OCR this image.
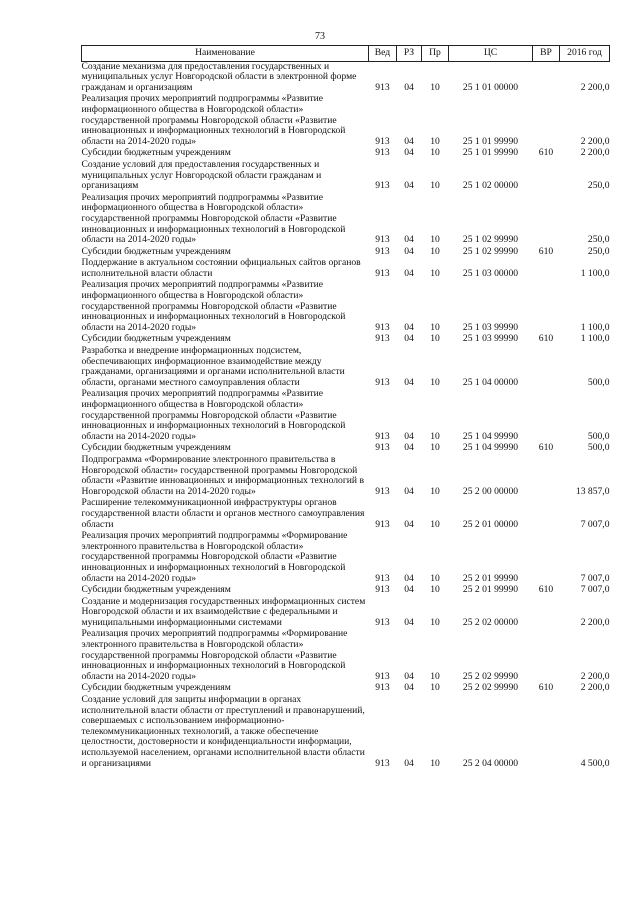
73
Наименование	Вед	РЗ	Пр	ЦС	ВР	2016 год
Создание механизма для предоставления государственных и муниципальных услуг Новгородской области в электронной форме гражданам и организациям	913	04	10	25 1 01 00000		2 200,0
Реализация прочих мероприятий подпрограммы «Развитие информационного общества в Новгородской области» государственной программы Новгородской области «Развитие инновационных и информационных технологий в Новгородской области на 2014-2020 годы»	913	04	10	25 1 01 99990		2 200,0
Субсидии бюджетным учреждениям	913	04	10	25 1 01 99990	610	2 200,0
Создание условий для предоставления государственных и муниципальных услуг Новгородской области гражданам и организациям	913	04	10	25 1 02 00000		250,0
Реализация прочих мероприятий подпрограммы «Развитие информационного общества в Новгородской области» государственной программы Новгородской области «Развитие инновационных и информационных технологий в Новгородской области на 2014-2020 годы»	913	04	10	25 1 02 99990		250,0
Субсидии бюджетным учреждениям	913	04	10	25 1 02 99990	610	250,0
Поддержание в актуальном состоянии официальных сайтов органов исполнительной власти области	913	04	10	25 1 03 00000		1 100,0
Реализация прочих мероприятий подпрограммы «Развитие информационного общества в Новгородской области» государственной программы Новгородской области «Развитие инновационных и информационных технологий в Новгородской области на 2014-2020 годы»	913	04	10	25 1 03 99990		1 100,0
Субсидии бюджетным учреждениям	913	04	10	25 1 03 99990	610	1 100,0
Разработка и внедрение информационных подсистем, обеспечивающих информационное взаимодействие между гражданами, организациями и органами исполнительной власти области, органами местного самоуправления области	913	04	10	25 1 04 00000		500,0
Реализация прочих мероприятий подпрограммы «Развитие информационного общества в Новгородской области» государственной программы Новгородской области «Развитие инновационных и информационных технологий в Новгородской области на 2014-2020 годы»	913	04	10	25 1 04 99990		500,0
Субсидии бюджетным учреждениям	913	04	10	25 1 04 99990	610	500,0
Подпрограмма «Формирование электронного правительства в Новгородской области» государственной программы Новгородской области «Развитие инновационных и информационных технологий в Новгородской области на 2014-2020 годы»	913	04	10	25 2 00 00000		13 857,0
Расширение телекоммуникационной инфраструктуры органов государственной власти области и органов местного самоуправления области	913	04	10	25 2 01 00000		7 007,0
Реализация прочих мероприятий подпрограммы «Формирование электронного правительства в Новгородской области» государственной программы Новгородской области «Развитие инновационных и информационных технологий в Новгородской области на 2014-2020 годы»	913	04	10	25 2 01 99990		7 007,0
Субсидии бюджетным учреждениям	913	04	10	25 2 01 99990	610	7 007,0
Создание и модернизация государственных информационных систем Новгородской области и их взаимодействие с федеральными и муниципальными информационными системами	913	04	10	25 2 02 00000		2 200,0
Реализация прочих мероприятий подпрограммы «Формирование электронного правительства в Новгородской области» государственной программы Новгородской области «Развитие инновационных и информационных технологий в Новгородской области на 2014-2020 годы»	913	04	10	25 2 02 99990		2 200,0
Субсидии бюджетным учреждениям	913	04	10	25 2 02 99990	610	2 200,0
Создание условий для защиты информации в органах исполнительной власти области от преступлений и правонарушений, совершаемых с использованием информационно-телекоммуникационных технологий, а также обеспечение целостности, достоверности и конфиденциальности информации, используемой населением, органами исполнительной власти области и организациями	913	04	10	25 2 04 00000		4 500,0
